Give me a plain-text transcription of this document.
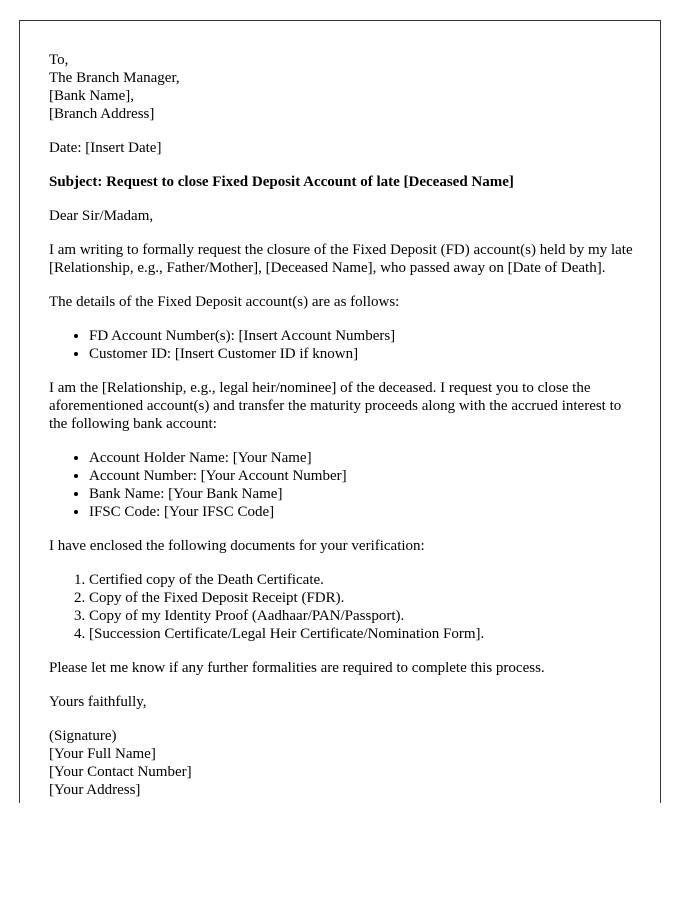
To,
The Branch Manager,
[Bank Name],
[Branch Address]

Date: [Insert Date]

Subject: Request to close Fixed Deposit Account of late [Deceased Name]

Dear Sir/Madam,

I am writing to formally request the closure of the Fixed Deposit (FD) account(s) held by my late [Relationship, e.g., Father/Mother], [Deceased Name], who passed away on [Date of Death].

The details of the Fixed Deposit account(s) are as follows:

• FD Account Number(s): [Insert Account Numbers]
• Customer ID: [Insert Customer ID if known]

I am the [Relationship, e.g., legal heir/nominee] of the deceased. I request you to close the aforementioned account(s) and transfer the maturity proceeds along with the accrued interest to the following bank account:

• Account Holder Name: [Your Name]
• Account Number: [Your Account Number]
• Bank Name: [Your Bank Name]
• IFSC Code: [Your IFSC Code]

I have enclosed the following documents for your verification:

1. Certified copy of the Death Certificate.
2. Copy of the Fixed Deposit Receipt (FDR).
3. Copy of my Identity Proof (Aadhaar/PAN/Passport).
4. [Succession Certificate/Legal Heir Certificate/Nomination Form].

Please let me know if any further formalities are required to complete this process.

Yours faithfully,

(Signature)
[Your Full Name]
[Your Contact Number]
[Your Address]
